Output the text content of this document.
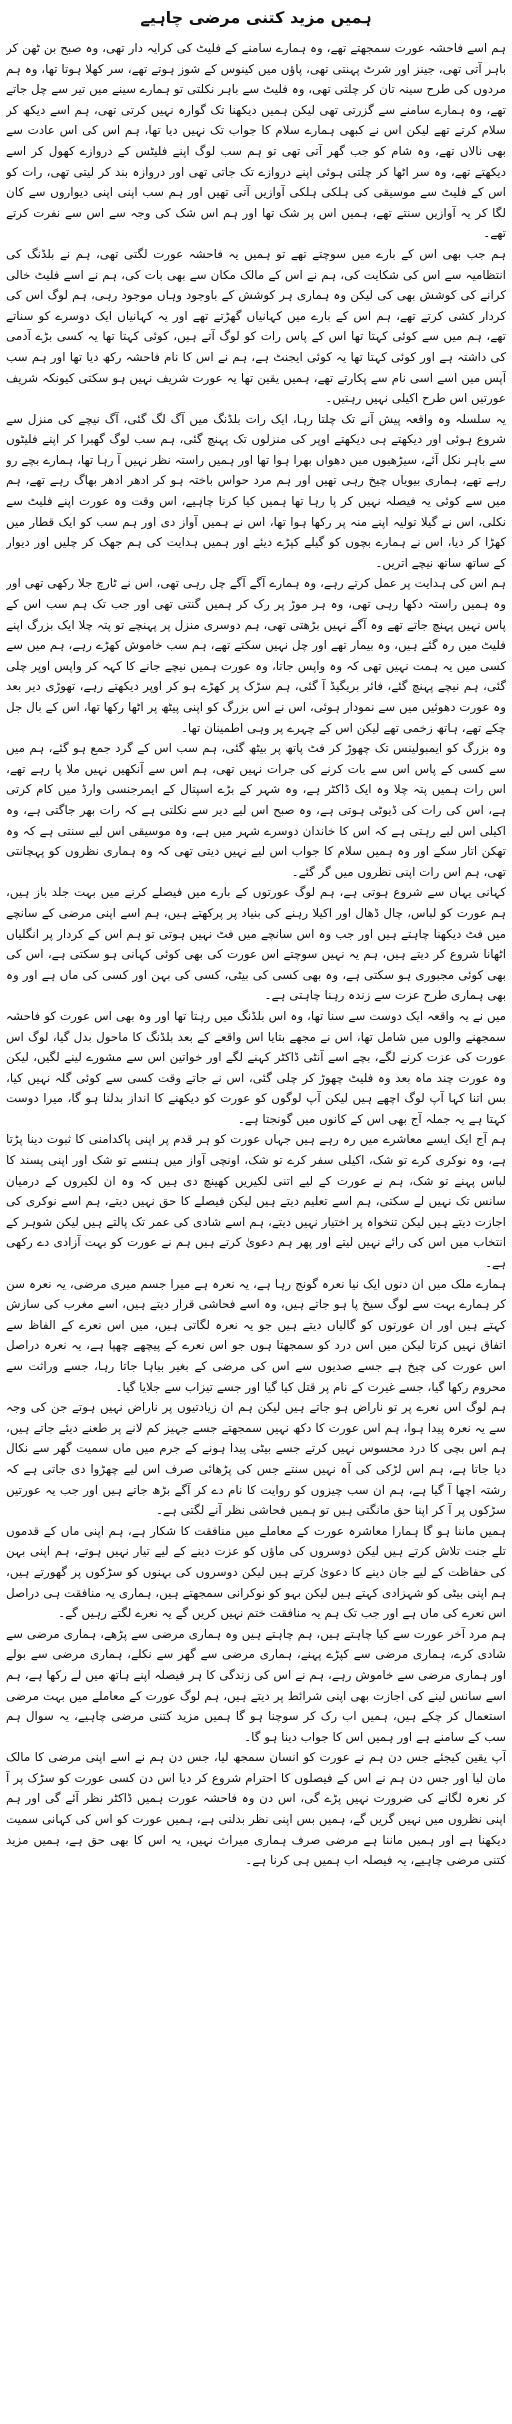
ہمیں مزید کتنی مرضی چاہیے

ہم اسے فاحشہ عورت سمجھتے تھے، وہ ہمارے سامنے کے فلیٹ کی کرایہ دار تھی، وہ صبح بن ٹھن کر باہر آتی تھی، جینز اور شرٹ پہنتی تھی، پاؤں میں کینوس کے شوز ہوتے تھے، سر کھلا ہوتا تھا، وہ ہم مردوں کی طرح سینہ تان کر چلتی تھی، وہ فلیٹ سے باہر نکلتی تو ہمارے سینے میں تیر سے چل جاتے تھے، وہ ہمارے سامنے سے گزرتی تھی لیکن ہمیں دیکھنا تک گوارہ نہیں کرتی تھی، ہم اسے دیکھ کر سلام کرتے تھے لیکن اس نے کبھی ہمارے سلام کا جواب تک نہیں دیا تھا، ہم اس کی اس عادت سے بھی نالاں تھے، وہ شام کو جب گھر آتی تھی تو ہم سب لوگ اپنے فلیٹس کے دروازے کھول کر اسے دیکھتے تھے، وہ سر اٹھا کر چلتی ہوئی اپنے دروازے تک جاتی تھی اور دروازہ بند کر لیتی تھی، رات کو اس کے فلیٹ سے موسیقی کی ہلکی ہلکی آوازیں آتی تھیں اور ہم سب اپنی اپنی دیواروں سے کان لگا کر یہ آوازیں سنتے تھے، ہمیں اس پر شک تھا اور ہم اس شک کی وجہ سے اس سے نفرت کرتے تھے۔

ہم جب بھی اس کے بارے میں سوچتے تھے تو ہمیں یہ فاحشہ عورت لگتی تھی، ہم نے بلڈنگ کی انتظامیہ سے اس کی شکایت کی، ہم نے اس کے مالک مکان سے بھی بات کی، ہم نے اسے فلیٹ خالی کرانے کی کوشش بھی کی لیکن وہ ہماری ہر کوشش کے باوجود وہاں موجود رہی، ہم لوگ اس کی کردار کشی کرتے تھے، ہم اس کے بارے میں کہانیاں گھڑتے تھے اور یہ کہانیاں ایک دوسرے کو سناتے تھے، ہم میں سے کوئی کہتا تھا اس کے پاس رات کو لوگ آتے ہیں، کوئی کہتا تھا یہ کسی بڑے آدمی کی داشتہ ہے اور کوئی کہتا تھا یہ کوئی ایجنٹ ہے، ہم نے اس کا نام فاحشہ رکھ دیا تھا اور ہم سب آپس میں اسے اسی نام سے پکارتے تھے، ہمیں یقین تھا یہ عورت شریف نہیں ہو سکتی کیونکہ شریف عورتیں اس طرح اکیلی نہیں رہتیں۔

یہ سلسلہ وہ واقعہ پیش آنے تک چلتا رہا، ایک رات بلڈنگ میں آگ لگ گئی، آگ نیچے کی منزل سے شروع ہوئی اور دیکھتے ہی دیکھتے اوپر کی منزلوں تک پہنچ گئی، ہم سب لوگ گھبرا کر اپنے فلیٹوں سے باہر نکل آئے، سیڑھیوں میں دھواں بھرا ہوا تھا اور ہمیں راستہ نظر نہیں آ رہا تھا، ہمارے بچے رو رہے تھے، ہماری بیویاں چیخ رہی تھیں اور ہم مرد حواس باختہ ہو کر ادھر ادھر بھاگ رہے تھے، ہم میں سے کوئی یہ فیصلہ نہیں کر پا رہا تھا ہمیں کیا کرنا چاہیے، اس وقت وہ عورت اپنے فلیٹ سے نکلی، اس نے گیلا تولیہ اپنے منہ پر رکھا ہوا تھا، اس نے ہمیں آواز دی اور ہم سب کو ایک قطار میں کھڑا کر دیا، اس نے ہمارے بچوں کو گیلے کپڑے دیئے اور ہمیں ہدایت کی ہم جھک کر چلیں اور دیوار کے ساتھ ساتھ نیچے اتریں۔

ہم اس کی ہدایت پر عمل کرتے رہے، وہ ہمارے آگے آگے چل رہی تھی، اس نے ٹارچ جلا رکھی تھی اور وہ ہمیں راستہ دکھا رہی تھی، وہ ہر موڑ پر رک کر ہمیں گنتی تھی اور جب تک ہم سب اس کے پاس نہیں پہنچ جاتے تھے وہ آگے نہیں بڑھتی تھی، ہم دوسری منزل پر پہنچے تو پتہ چلا ایک بزرگ اپنے فلیٹ میں رہ گئے ہیں، وہ بیمار تھے اور چل نہیں سکتے تھے، ہم سب خاموش کھڑے رہے، ہم میں سے کسی میں یہ ہمت نہیں تھی کہ وہ واپس جاتا، وہ عورت ہمیں نیچے جانے کا کہہ کر واپس اوپر چلی گئی، ہم نیچے پہنچ گئے، فائر بریگیڈ آ گئی، ہم سڑک پر کھڑے ہو کر اوپر دیکھتے رہے، تھوڑی دیر بعد وہ عورت دھوئیں میں سے نمودار ہوئی، اس نے اس بزرگ کو اپنی پیٹھ پر اٹھا رکھا تھا، اس کے بال جل چکے تھے، ہاتھ زخمی تھے لیکن اس کے چہرے پر وہی اطمینان تھا۔

وہ بزرگ کو ایمبولینس تک چھوڑ کر فٹ پاتھ پر بیٹھ گئی، ہم سب اس کے گرد جمع ہو گئے، ہم میں سے کسی کے پاس اس سے بات کرنے کی جرات نہیں تھی، ہم اس سے آنکھیں نہیں ملا پا رہے تھے، اس رات ہمیں پتہ چلا وہ ایک ڈاکٹر ہے، وہ شہر کے بڑے اسپتال کے ایمرجنسی وارڈ میں کام کرتی ہے، اس کی رات کی ڈیوٹی ہوتی ہے، وہ صبح اس لیے دیر سے نکلتی ہے کہ رات بھر جاگتی ہے، وہ اکیلی اس لیے رہتی ہے کہ اس کا خاندان دوسرے شہر میں ہے، وہ موسیقی اس لیے سنتی ہے کہ وہ تھکن اتار سکے اور وہ ہمیں سلام کا جواب اس لیے نہیں دیتی تھی کہ وہ ہماری نظروں کو پہچانتی تھی، ہم اس رات اپنی نظروں میں گر گئے۔

کہانی یہاں سے شروع ہوتی ہے، ہم لوگ عورتوں کے بارے میں فیصلے کرنے میں بہت جلد باز ہیں، ہم عورت کو لباس، چال ڈھال اور اکیلا رہنے کی بنیاد پر پرکھتے ہیں، ہم اسے اپنی مرضی کے سانچے میں فٹ دیکھنا چاہتے ہیں اور جب وہ اس سانچے میں فٹ نہیں ہوتی تو ہم اس کے کردار پر انگلیاں اٹھانا شروع کر دیتے ہیں، ہم یہ نہیں سوچتے اس عورت کی بھی کوئی کہانی ہو سکتی ہے، اس کی بھی کوئی مجبوری ہو سکتی ہے، وہ بھی کسی کی بیٹی، کسی کی بہن اور کسی کی ماں ہے اور وہ بھی ہماری طرح عزت سے زندہ رہنا چاہتی ہے۔

میں نے یہ واقعہ ایک دوست سے سنا تھا، وہ اس بلڈنگ میں رہتا تھا اور وہ بھی اس عورت کو فاحشہ سمجھنے والوں میں شامل تھا، اس نے مجھے بتایا اس واقعے کے بعد بلڈنگ کا ماحول بدل گیا، لوگ اس عورت کی عزت کرنے لگے، بچے اسے آنٹی ڈاکٹر کہنے لگے اور خواتین اس سے مشورے لینے لگیں، لیکن وہ عورت چند ماہ بعد وہ فلیٹ چھوڑ کر چلی گئی، اس نے جاتے وقت کسی سے کوئی گلہ نہیں کیا، بس اتنا کہا آپ لوگ اچھے ہیں لیکن آپ لوگوں کو عورت کو دیکھنے کا انداز بدلنا ہو گا، میرا دوست کہتا ہے یہ جملہ آج بھی اس کے کانوں میں گونجتا ہے۔

ہم آج ایک ایسے معاشرے میں رہ رہے ہیں جہاں عورت کو ہر قدم پر اپنی پاکدامنی کا ثبوت دینا پڑتا ہے، وہ نوکری کرے تو شک، اکیلی سفر کرے تو شک، اونچی آواز میں ہنسے تو شک اور اپنی پسند کا لباس پہنے تو شک، ہم نے عورت کے لیے اتنی لکیریں کھینچ دی ہیں کہ وہ ان لکیروں کے درمیان سانس تک نہیں لے سکتی، ہم اسے تعلیم دیتے ہیں لیکن فیصلے کا حق نہیں دیتے، ہم اسے نوکری کی اجازت دیتے ہیں لیکن تنخواہ پر اختیار نہیں دیتے، ہم اسے شادی کی عمر تک پالتے ہیں لیکن شوہر کے انتخاب میں اس کی رائے نہیں لیتے اور پھر ہم دعویٰ کرتے ہیں ہم نے عورت کو بہت آزادی دے رکھی ہے۔

ہمارے ملک میں ان دنوں ایک نیا نعرہ گونج رہا ہے، یہ نعرہ ہے میرا جسم میری مرضی، یہ نعرہ سن کر ہمارے بہت سے لوگ سیخ پا ہو جاتے ہیں، وہ اسے فحاشی قرار دیتے ہیں، اسے مغرب کی سازش کہتے ہیں اور ان عورتوں کو گالیاں دیتے ہیں جو یہ نعرہ لگاتی ہیں، میں اس نعرے کے الفاظ سے اتفاق نہیں کرتا لیکن میں اس درد کو سمجھتا ہوں جو اس نعرے کے پیچھے چھپا ہے، یہ نعرہ دراصل اس عورت کی چیخ ہے جسے صدیوں سے اس کی مرضی کے بغیر بیاہا جاتا رہا، جسے وراثت سے محروم رکھا گیا، جسے غیرت کے نام پر قتل کیا گیا اور جسے تیزاب سے جلایا گیا۔

ہم لوگ اس نعرے پر تو ناراض ہو جاتے ہیں لیکن ہم ان زیادتیوں پر ناراض نہیں ہوتے جن کی وجہ سے یہ نعرہ پیدا ہوا، ہم اس عورت کا دکھ نہیں سمجھتے جسے جہیز کم لانے پر طعنے دیئے جاتے ہیں، ہم اس بچی کا درد محسوس نہیں کرتے جسے بیٹی پیدا ہونے کے جرم میں ماں سمیت گھر سے نکال دیا جاتا ہے، ہم اس لڑکی کی آہ نہیں سنتے جس کی پڑھائی صرف اس لیے چھڑوا دی جاتی ہے کہ رشتہ اچھا آ گیا ہے، ہم ان سب چیزوں کو روایت کا نام دے کر آگے بڑھ جاتے ہیں اور جب یہ عورتیں سڑکوں پر آ کر اپنا حق مانگتی ہیں تو ہمیں فحاشی نظر آنے لگتی ہے۔

ہمیں ماننا ہو گا ہمارا معاشرہ عورت کے معاملے میں منافقت کا شکار ہے، ہم اپنی ماں کے قدموں تلے جنت تلاش کرتے ہیں لیکن دوسروں کی ماؤں کو عزت دینے کے لیے تیار نہیں ہوتے، ہم اپنی بہن کی حفاظت کے لیے جان دینے کا دعویٰ کرتے ہیں لیکن دوسروں کی بہنوں کو سڑکوں پر گھورتے ہیں، ہم اپنی بیٹی کو شہزادی کہتے ہیں لیکن بہو کو نوکرانی سمجھتے ہیں، ہماری یہ منافقت ہی دراصل اس نعرے کی ماں ہے اور جب تک ہم یہ منافقت ختم نہیں کریں گے یہ نعرے لگتے رہیں گے۔

ہم مرد آخر عورت سے کیا چاہتے ہیں، ہم چاہتے ہیں وہ ہماری مرضی سے پڑھے، ہماری مرضی سے شادی کرے، ہماری مرضی سے کپڑے پہنے، ہماری مرضی سے گھر سے نکلے، ہماری مرضی سے بولے اور ہماری مرضی سے خاموش رہے، ہم نے اس کی زندگی کا ہر فیصلہ اپنے ہاتھ میں لے رکھا ہے، ہم اسے سانس لینے کی اجازت بھی اپنی شرائط پر دیتے ہیں، ہم لوگ عورت کے معاملے میں بہت مرضی استعمال کر چکے ہیں، ہمیں اب رک کر سوچنا ہو گا ہمیں مزید کتنی مرضی چاہیے، یہ سوال ہم سب کے سامنے ہے اور ہمیں اس کا جواب دینا ہو گا۔

آپ یقین کیجئے جس دن ہم نے عورت کو انسان سمجھ لیا، جس دن ہم نے اسے اپنی مرضی کا مالک مان لیا اور جس دن ہم نے اس کے فیصلوں کا احترام شروع کر دیا اس دن کسی عورت کو سڑک پر آ کر نعرہ لگانے کی ضرورت نہیں پڑے گی، اس دن وہ فاحشہ عورت ہمیں ڈاکٹر نظر آئے گی اور ہم اپنی نظروں میں نہیں گریں گے، ہمیں بس اپنی نظر بدلنی ہے، ہمیں عورت کو اس کی کہانی سمیت دیکھنا ہے اور ہمیں ماننا ہے مرضی صرف ہماری میراث نہیں، یہ اس کا بھی حق ہے، ہمیں مزید کتنی مرضی چاہیے، یہ فیصلہ اب ہمیں ہی کرنا ہے۔
